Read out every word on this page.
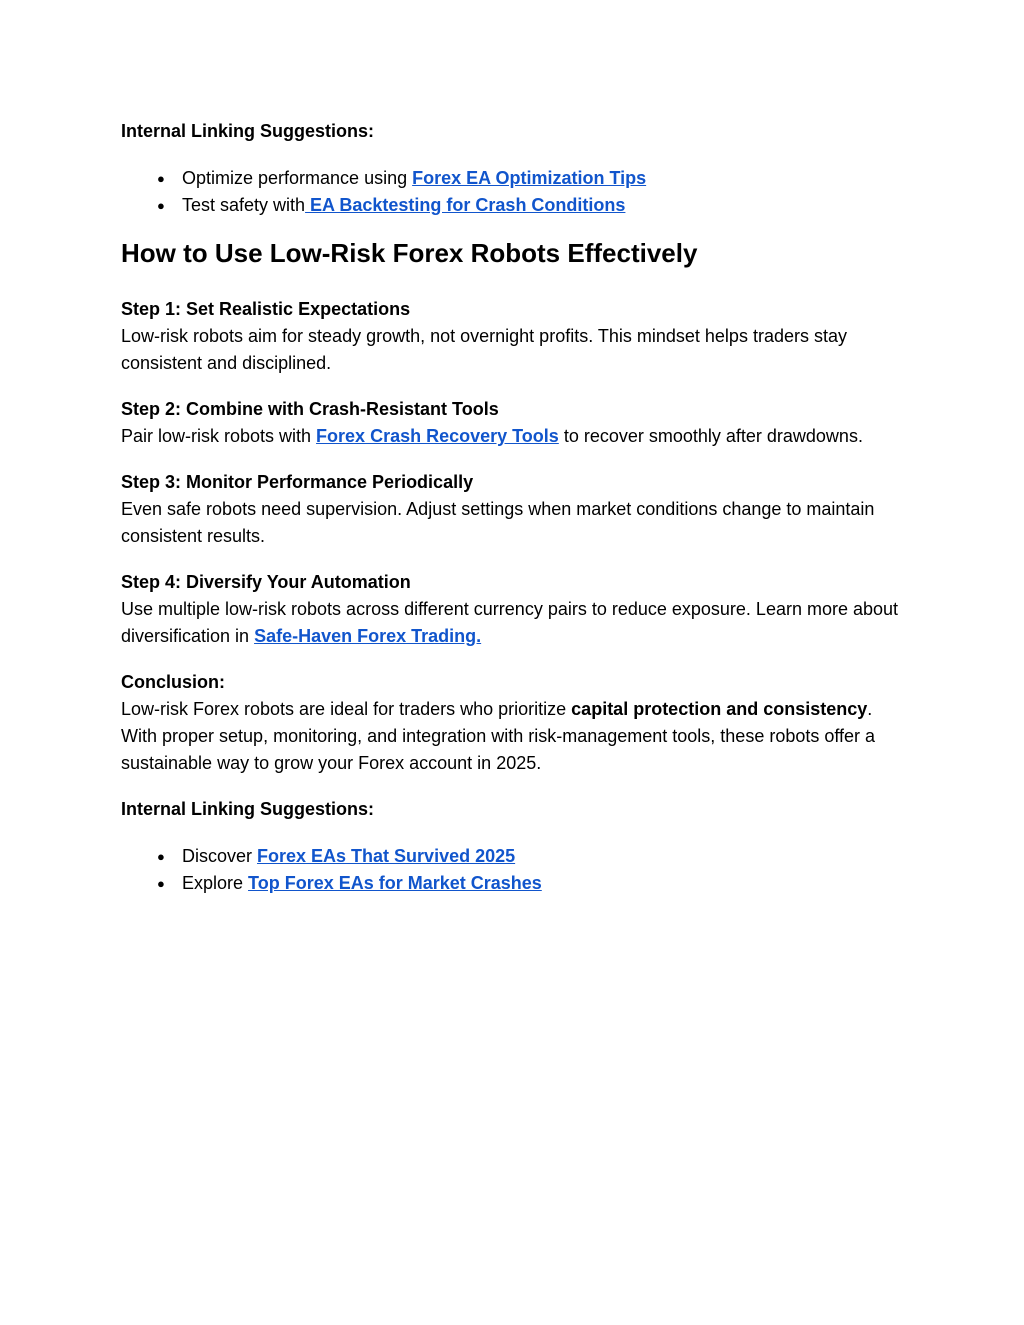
Internal Linking Suggestions:

● Optimize performance using Forex EA Optimization Tips
● Test safety with EA Backtesting for Crash Conditions
How to Use Low-Risk Forex Robots Effectively

Step 1: Set Realistic Expectations
Low-risk robots aim for steady growth, not overnight profits. This mindset helps traders stay consistent and disciplined.

Step 2: Combine with Crash-Resistant Tools
Pair low-risk robots with Forex Crash Recovery Tools to recover smoothly after drawdowns.

Step 3: Monitor Performance Periodically
Even safe robots need supervision. Adjust settings when market conditions change to maintain consistent results.

Step 4: Diversify Your Automation
Use multiple low-risk robots across different currency pairs to reduce exposure. Learn more about diversification in Safe-Haven Forex Trading.

Conclusion:
Low-risk Forex robots are ideal for traders who prioritize capital protection and consistency. With proper setup, monitoring, and integration with risk-management tools, these robots offer a sustainable way to grow your Forex account in 2025.

Internal Linking Suggestions:

● Discover Forex EAs That Survived 2025
● Explore Top Forex EAs for Market Crashes
